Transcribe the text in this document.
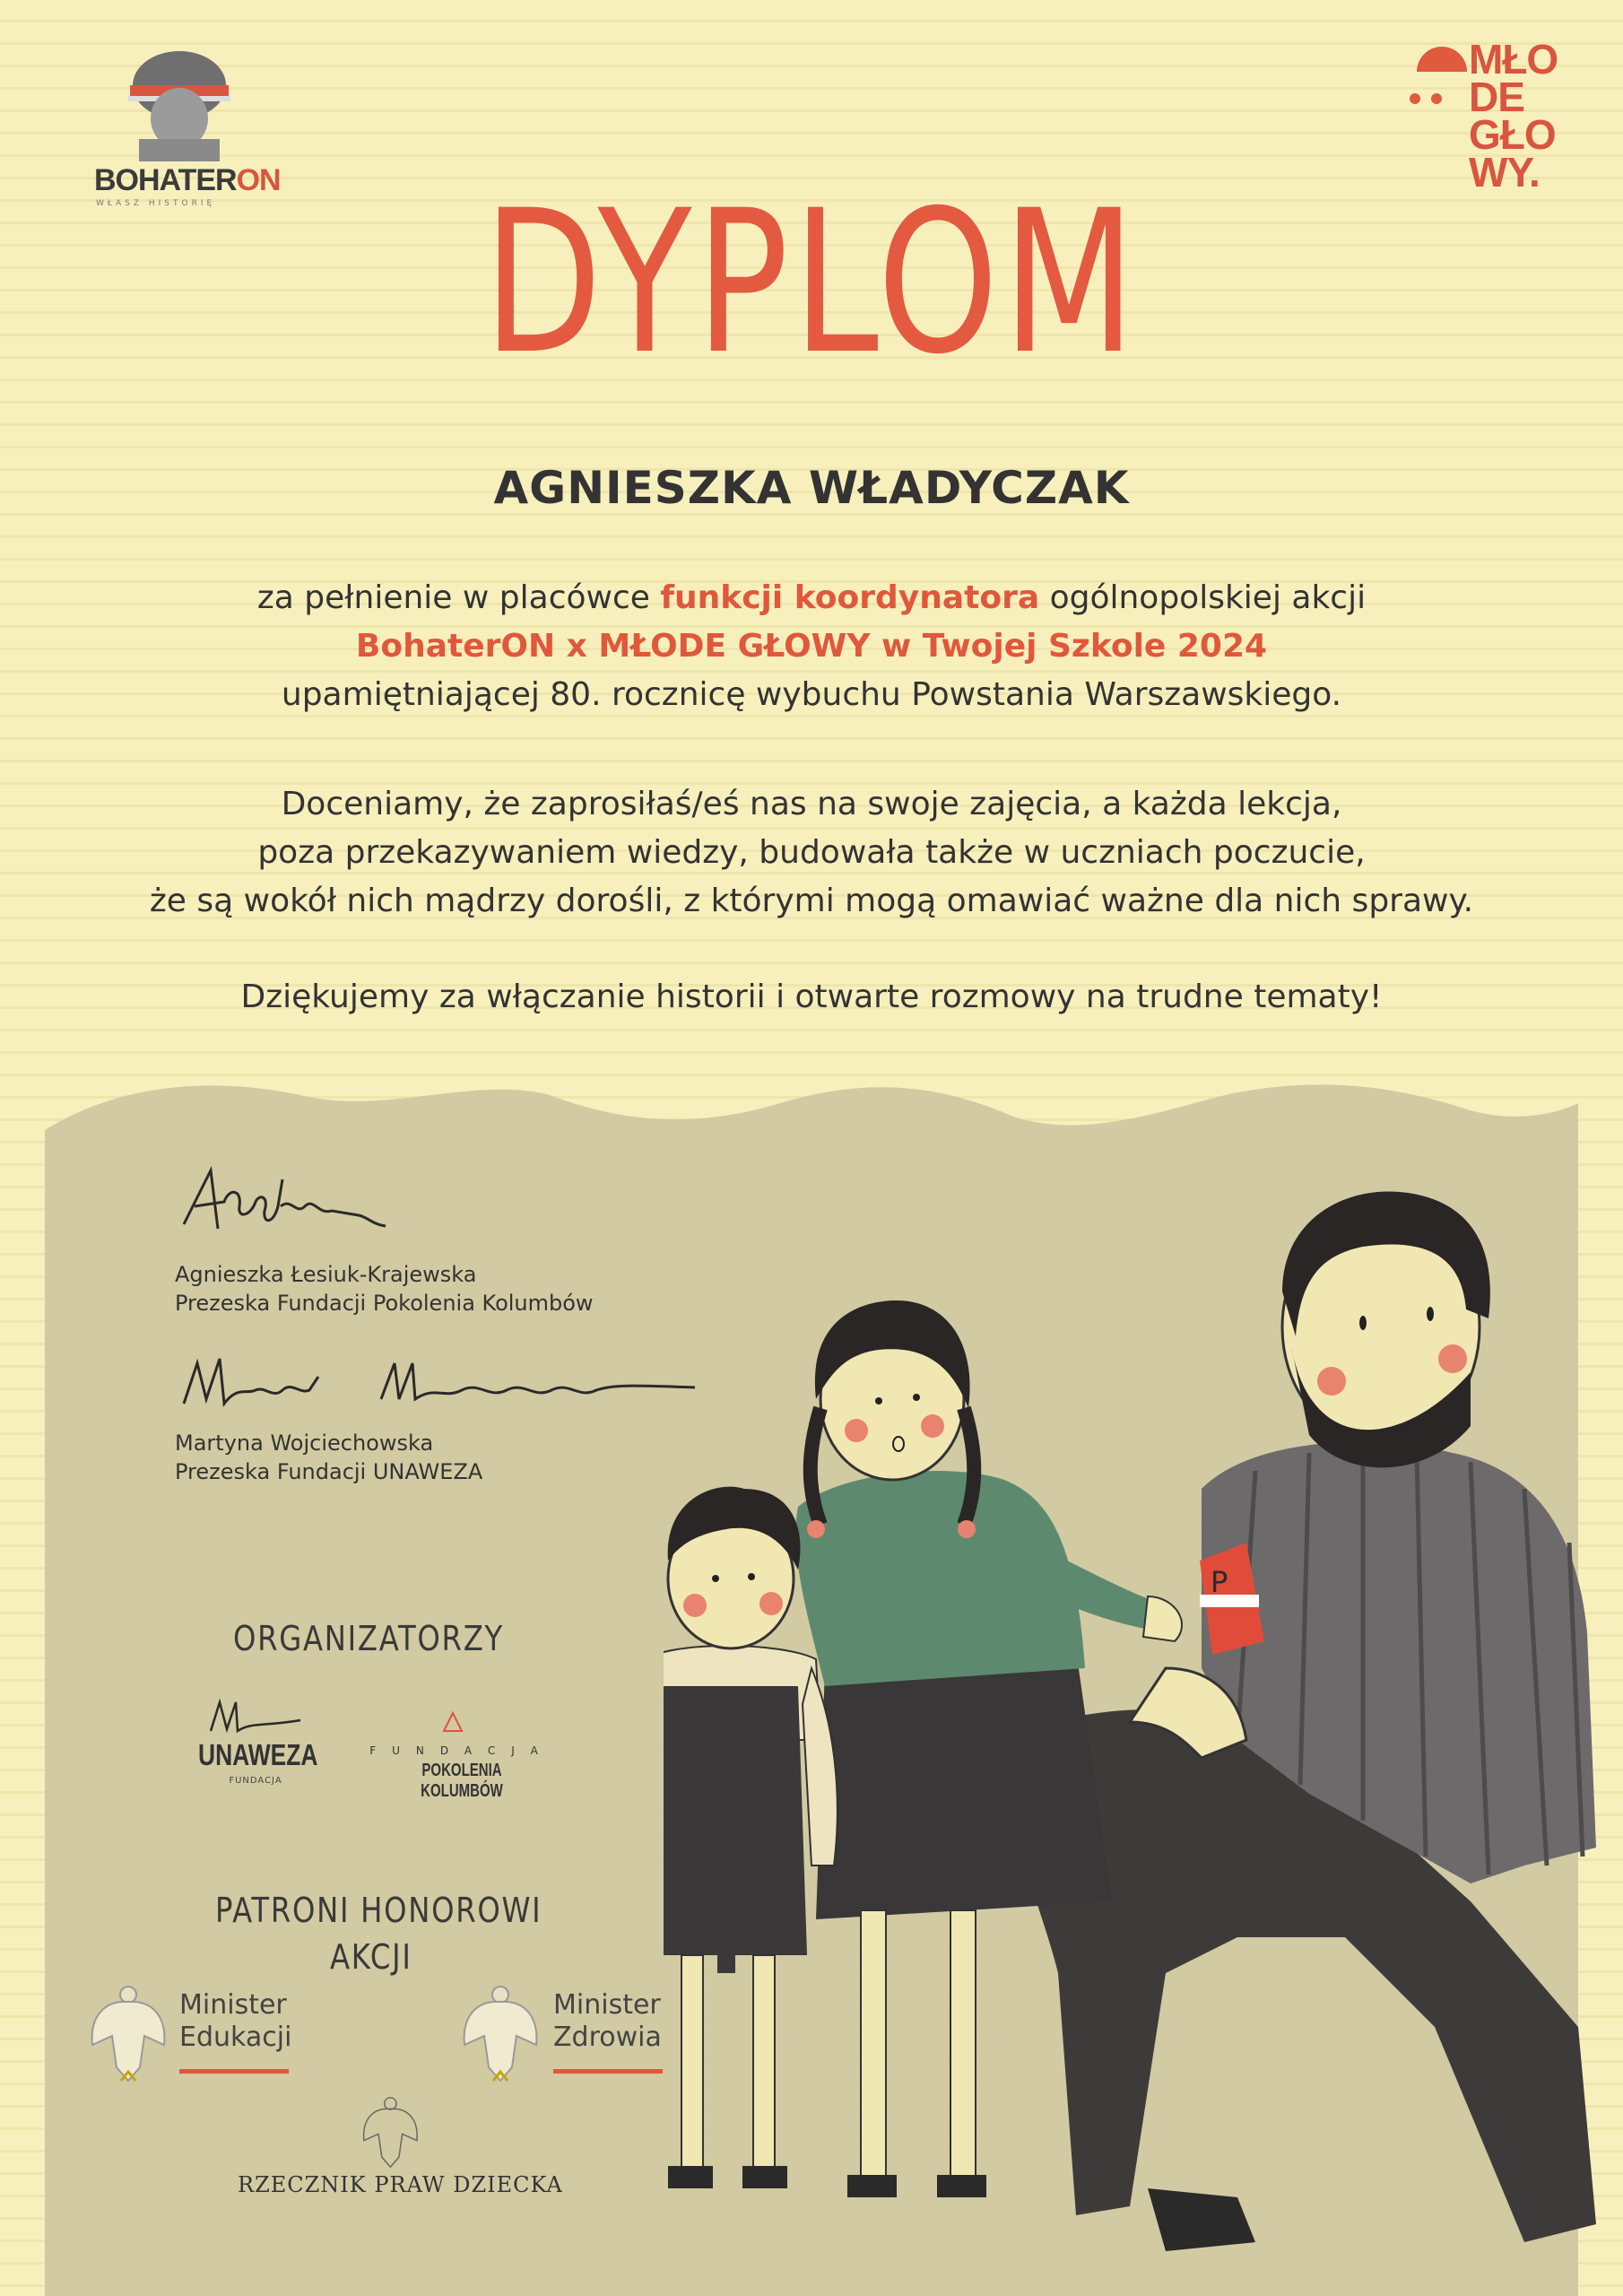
BOHATERON
WŁASZ HISTORIĘ
MŁO
DE
GŁO
WY.
DYPLOM
AGNIESZKA WŁADYCZAK
za pełnienie w placówce funkcji koordynatora ogólnopolskiej akcji
BohaterON x MŁODE GŁOWY w Twojej Szkole 2024
upamiętniającej 80. rocznicę wybuchu Powstania Warszawskiego.
Doceniamy, że zaprosiłaś/eś nas na swoje zajęcia, a każda lekcja,
poza przekazywaniem wiedzy, budowała także w uczniach poczucie,
że są wokół nich mądrzy dorośli, z którymi mogą omawiać ważne dla nich sprawy.
Dziękujemy za włączanie historii i otwarte rozmowy na trudne tematy!
Agnieszka Łesiuk-Krajewska
Prezeska Fundacji Pokolenia Kolumbów
Martyna Wojciechowska
Prezeska Fundacji UNAWEZA
ORGANIZATORZY
UNAWEZA
FUNDACJA
FUNDACJA
POKOLENIA KOLUMBÓW
PATRONI HONOROWI
AKCJI
Minister
Edukacji
Minister
Zdrowia
RZECZNIK PRAW DZIECKA
P
